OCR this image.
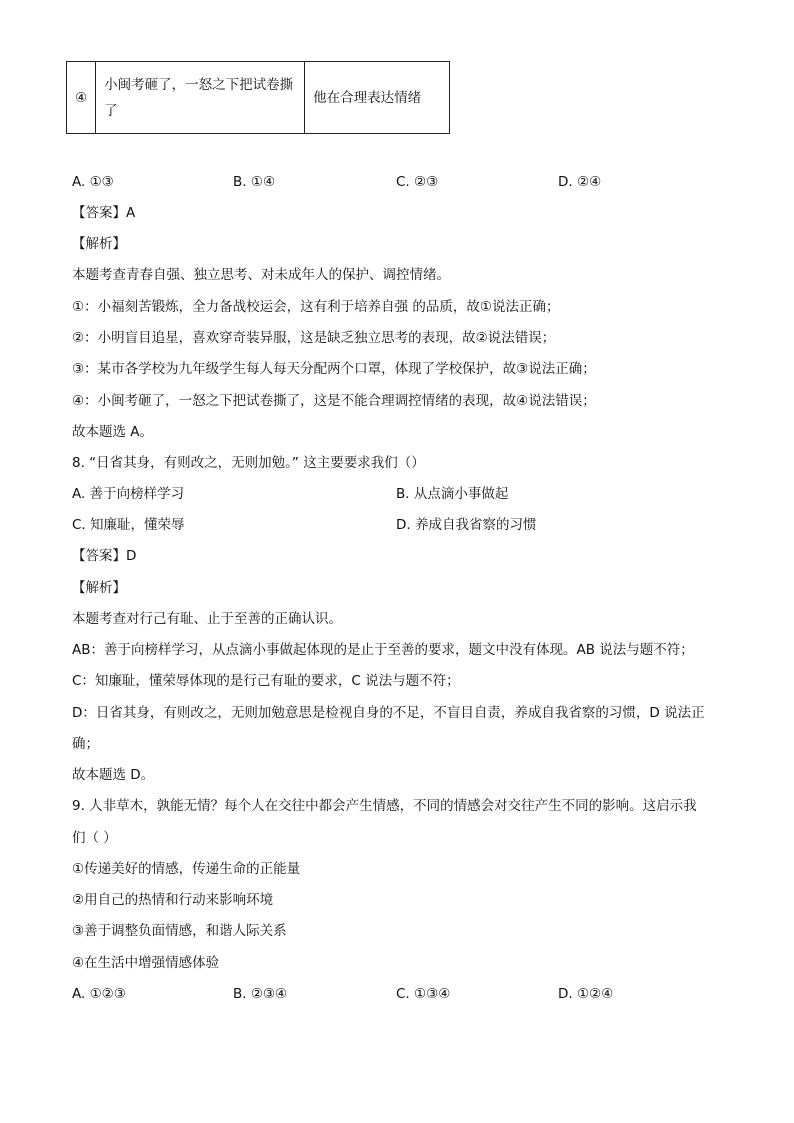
④	小闽考砸了，一怒之下把试卷撕了	他在合理表达情绪
A. ①③	B. ①④	C. ②③	D. ②④
【答案】A
【解析】
本题考查青春自强、独立思考、对未成年人的保护、调控情绪。
①：小福刻苦锻炼，全力备战校运会，这有利于培养自强 的品质，故①说法正确；
②：小明盲目追星，喜欢穿奇装异服，这是缺乏独立思考的表现，故②说法错误；
③：某市各学校为九年级学生每人每天分配两个口罩，体现了学校保护，故③说法正确；
④：小闽考砸了，一怒之下把试卷撕了，这是不能合理调控情绪的表现，故④说法错误；
故本题选 A。
8. “日省其身，有则改之，无则加勉。” 这主要要求我们（）
A. 善于向榜样学习	B. 从点滴小事做起
C. 知廉耻，懂荣辱	D. 养成自我省察的习惯
【答案】D
【解析】
本题考查对行己有耻、止于至善的正确认识。
AB：善于向榜样学习，从点滴小事做起体现的是止于至善的要求，题文中没有体现。AB 说法与题不符；
C：知廉耻，懂荣辱体现的是行己有耻的要求，C 说法与题不符；
D：日省其身，有则改之，无则加勉意思是检视自身的不足，不盲目自责，养成自我省察的习惯，D 说法正
确；
故本题选 D。
9. 人非草木，孰能无情？每个人在交往中都会产生情感，不同的情感会对交往产生不同的影响。这启示我
们（ ）
①传递美好的情感，传递生命的正能量
②用自己的热情和行动来影响环境
③善于调整负面情感，和谐人际关系
④在生活中增强情感体验
A. ①②③	B. ②③④	C. ①③④	D. ①②④
